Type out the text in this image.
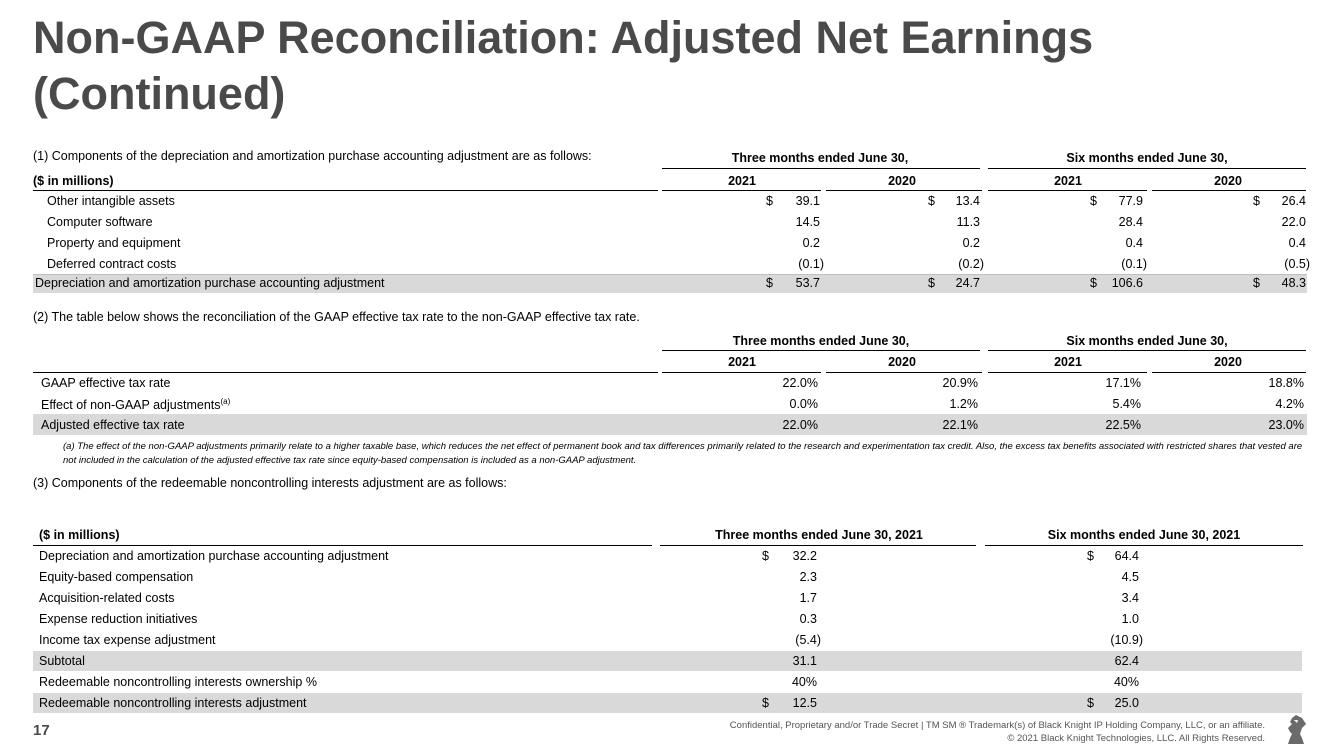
Non-GAAP Reconciliation: Adjusted Net Earnings (Continued)
(1) Components of the depreciation and amortization purchase accounting adjustment are as follows:	Three months ended June 30,	Six months ended June 30,
($ in millions)	2021	2020	2021	2020
Other intangible assets	$	39.1	$	13.4	$	77.9	$	26.4
Computer software	14.5	11.3	28.4	22.0
Property and equipment	0.2	0.2	0.4	0.4
Deferred contract costs	(0.1)	(0.2)	(0.1)	(0.5)
Depreciation and amortization purchase accounting adjustment	$	53.7	$	24.7	$	106.6	$	48.3
(2) The table below shows the reconciliation of the GAAP effective tax rate to the non-GAAP effective tax rate.
Three months ended June 30,	Six months ended June 30,
2021	2020	2021	2020
GAAP effective tax rate	22.0%	20.9%	17.1%	18.8%
Effect of non-GAAP adjustments$^{(a)}$	0.0%	1.2%	5.4%	4.2%
Adjusted effective tax rate	22.0%	22.1%	22.5%	23.0%
(a) The effect of the non-GAAP adjustments primarily relate to a higher taxable base, which reduces the net effect of permanent book and tax differences primarily related to the research and experimentation tax credit. Also, the excess tax benefits associated with restricted shares that vested are not included in the calculation of the adjusted effective tax rate since equity-based compensation is included as a non-GAAP adjustment.
(3) Components of the redeemable noncontrolling interests adjustment are as follows:
($ in millions)	Three months ended June 30, 2021	Six months ended June 30, 2021
Depreciation and amortization purchase accounting adjustment	$	32.2	$	64.4
Equity-based compensation	2.3	4.5
Acquisition-related costs	1.7	3.4
Expense reduction initiatives	0.3	1.0
Income tax expense adjustment	(5.4)	(10.9)
Subtotal	31.1	62.4
Redeemable noncontrolling interests ownership %	40%	40%
Redeemable noncontrolling interests adjustment	$	12.5	$	25.0
17	Confidential, Proprietary and/or Trade Secret | TM SM ® Trademark(s) of Black Knight IP Holding Company, LLC, or an affiliate.
© 2021 Black Knight Technologies, LLC. All Rights Reserved.
